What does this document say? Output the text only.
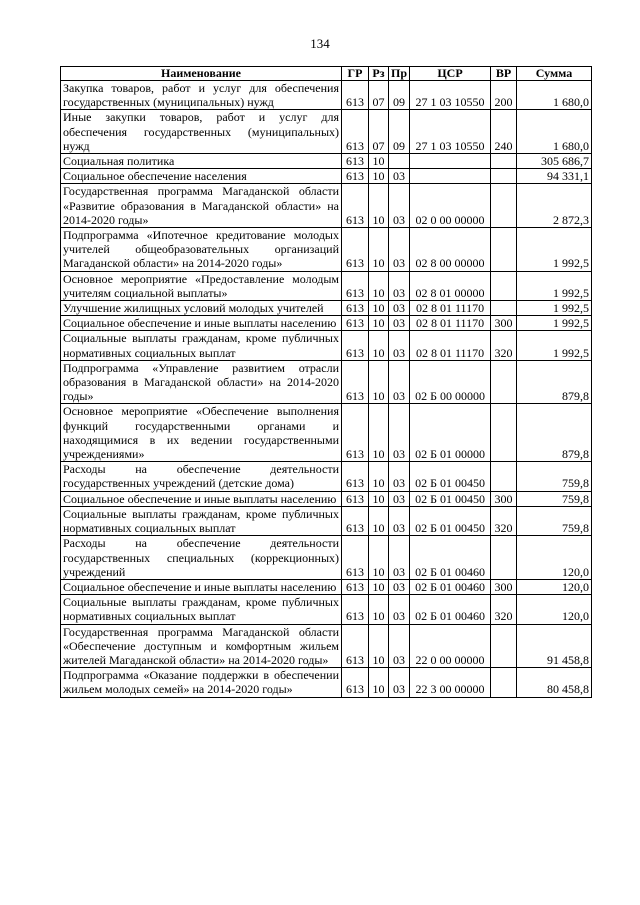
134
Наименование	ГР	Рз	Пр	ЦСР	ВР	Сумма
Закупка товаров, работ и услуг для обеспечения государственных (муниципальных) нужд	613	07	09	27 1 03 10550	200	1 680,0
Иные закупки товаров, работ и услуг для обеспечения государственных (муниципальных) нужд	613	07	09	27 1 03 10550	240	1 680,0
Социальная политика	613	10				305 686,7
Социальное обеспечение населения	613	10	03			94 331,1
Государственная программа Магаданской области «Развитие образования в Магаданской области» на 2014-2020 годы»	613	10	03	02 0 00 00000		2 872,3
Подпрограмма «Ипотечное кредитование молодых учителей общеобразовательных организаций Магаданской области» на 2014-2020 годы»	613	10	03	02 8 00 00000		1 992,5
Основное мероприятие «Предоставление молодым учителям социальной выплаты»	613	10	03	02 8 01 00000		1 992,5
Улучшение жилищных условий молодых учителей	613	10	03	02 8 01 11170		1 992,5
Социальное обеспечение и иные выплаты населению	613	10	03	02 8 01 11170	300	1 992,5
Социальные выплаты гражданам, кроме публичных нормативных социальных выплат	613	10	03	02 8 01 11170	320	1 992,5
Подпрограмма «Управление развитием отрасли образования в Магаданской области» на 2014-2020 годы»	613	10	03	02 Б 00 00000		879,8
Основное мероприятие «Обеспечение выполнения функций государственными органами и находящимися в их ведении государственными учреждениями»	613	10	03	02 Б 01 00000		879,8
Расходы на обеспечение деятельности государственных учреждений (детские дома)	613	10	03	02 Б 01 00450		759,8
Социальное обеспечение и иные выплаты населению	613	10	03	02 Б 01 00450	300	759,8
Социальные выплаты гражданам, кроме публичных нормативных социальных выплат	613	10	03	02 Б 01 00450	320	759,8
Расходы на обеспечение деятельности государственных специальных (коррекционных) учреждений	613	10	03	02 Б 01 00460		120,0
Социальное обеспечение и иные выплаты населению	613	10	03	02 Б 01 00460	300	120,0
Социальные выплаты гражданам, кроме публичных нормативных социальных выплат	613	10	03	02 Б 01 00460	320	120,0
Государственная программа Магаданской области «Обеспечение доступным и комфортным жильем жителей Магаданской области» на 2014-2020 годы»	613	10	03	22 0 00 00000		91 458,8
Подпрограмма «Оказание поддержки в обеспечении жильем молодых семей» на 2014-2020 годы»	613	10	03	22 3 00 00000		80 458,8
